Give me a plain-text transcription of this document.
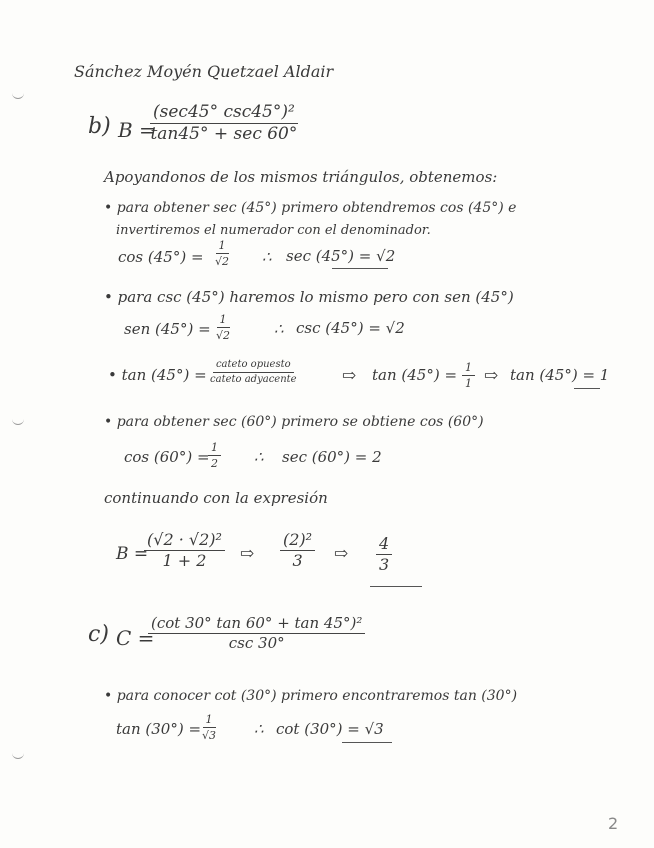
Sánchez Moyén Quetzael Aldair
b) B =
(sec45° csc45°)²
tan45° + sec 60°
Apoyandonos de los mismos triángulos, obtenemos:
• para obtener sec (45°) primero obtendremos cos (45°) e
invertiremos el numerador con el denominador.
$\cos (45^\circ) = \frac{1}{√2}$ ∴ sec (45°) = √2
• para csc (45°) haremos lo mismo pero con sen (45°)
sen $(45^\circ) = \frac{1}{√2}$	∴ csc (45°) = √2
• tan (45°) =
cateto opuesto
cateto adyacente	⇨ $\tan (45^\circ) = \frac{1}{1}$ ⇨ tan (45°) = 1
• para obtener sec (60°) primero se obtiene cos (60°)
cos (60°) =
$\frac{1}{2}$ ∴ sec (60°) = 2
continuando con la expresión
B =
$\frac{\text{(√2 · √2)²}}{1 + 2}$ ⇨ $\frac{\text{(2)²}}{3}$ ⇨ $\frac{4}{3}$
c) C =
(cot 30° tan 60° + tan 45°)²
csc 30°
• para conocer cot (30°) primero encontraremos tan (30°)
$\tan (30^\circ) = \frac{1}{√3}$	∴ cot (30°) = √3
2
